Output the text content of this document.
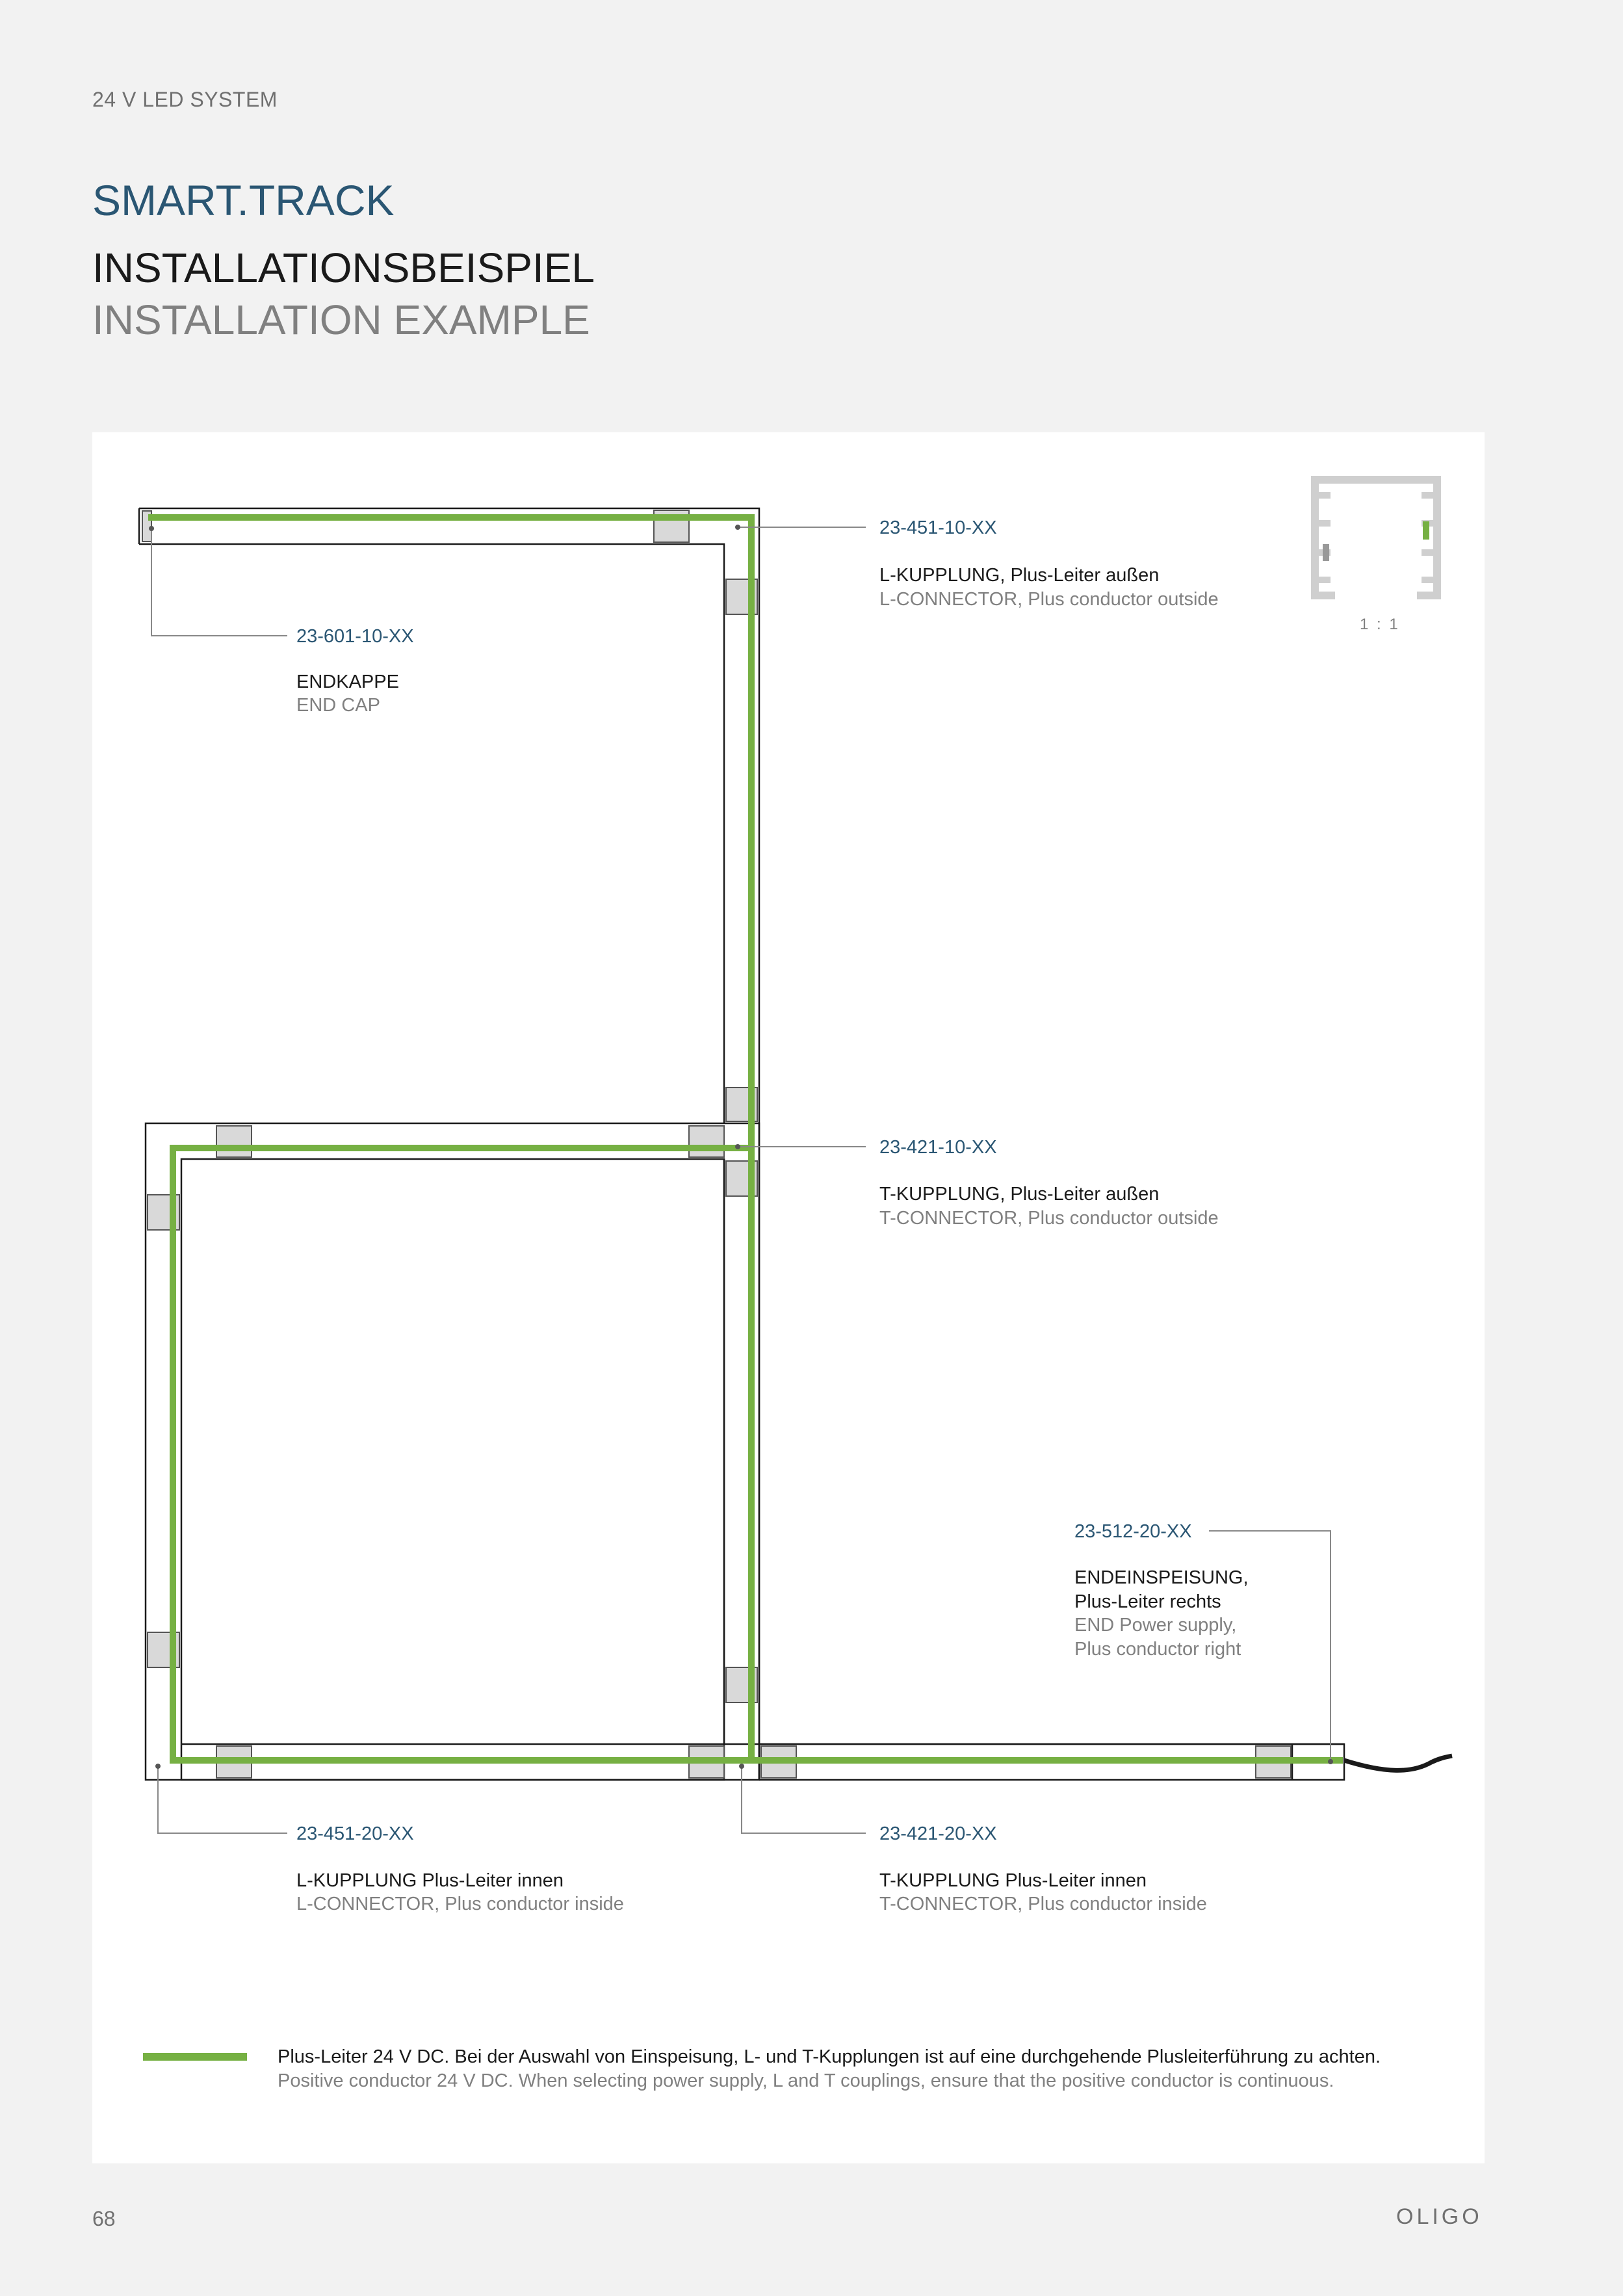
24 V LED SYSTEM
SMART.TRACK
INSTALLATIONSBEISPIEL
INSTALLATION EXAMPLE
1 : 1
23-601-10-XX
ENDKAPPE
END CAP
23-451-10-XX
L-KUPPLUNG, Plus-Leiter außen
L-CONNECTOR, Plus conductor outside
23-421-10-XX
T-KUPPLUNG, Plus-Leiter außen
T-CONNECTOR, Plus conductor outside
23-512-20-XX
ENDEINSPEISUNG,
Plus-Leiter rechts
END Power supply,
Plus conductor right
23-451-20-XX
L-KUPPLUNG Plus-Leiter innen
L-CONNECTOR, Plus conductor inside
23-421-20-XX
T-KUPPLUNG Plus-Leiter innen
T-CONNECTOR, Plus conductor inside
Plus-Leiter 24 V DC. Bei der Auswahl von Einspeisung, L- und T-Kupplungen ist auf eine durchgehende Plusleiterführung zu achten.
Positive conductor 24 V DC. When selecting power supply, L and T couplings, ensure that the positive conductor is continuous.
68	OLIGO
